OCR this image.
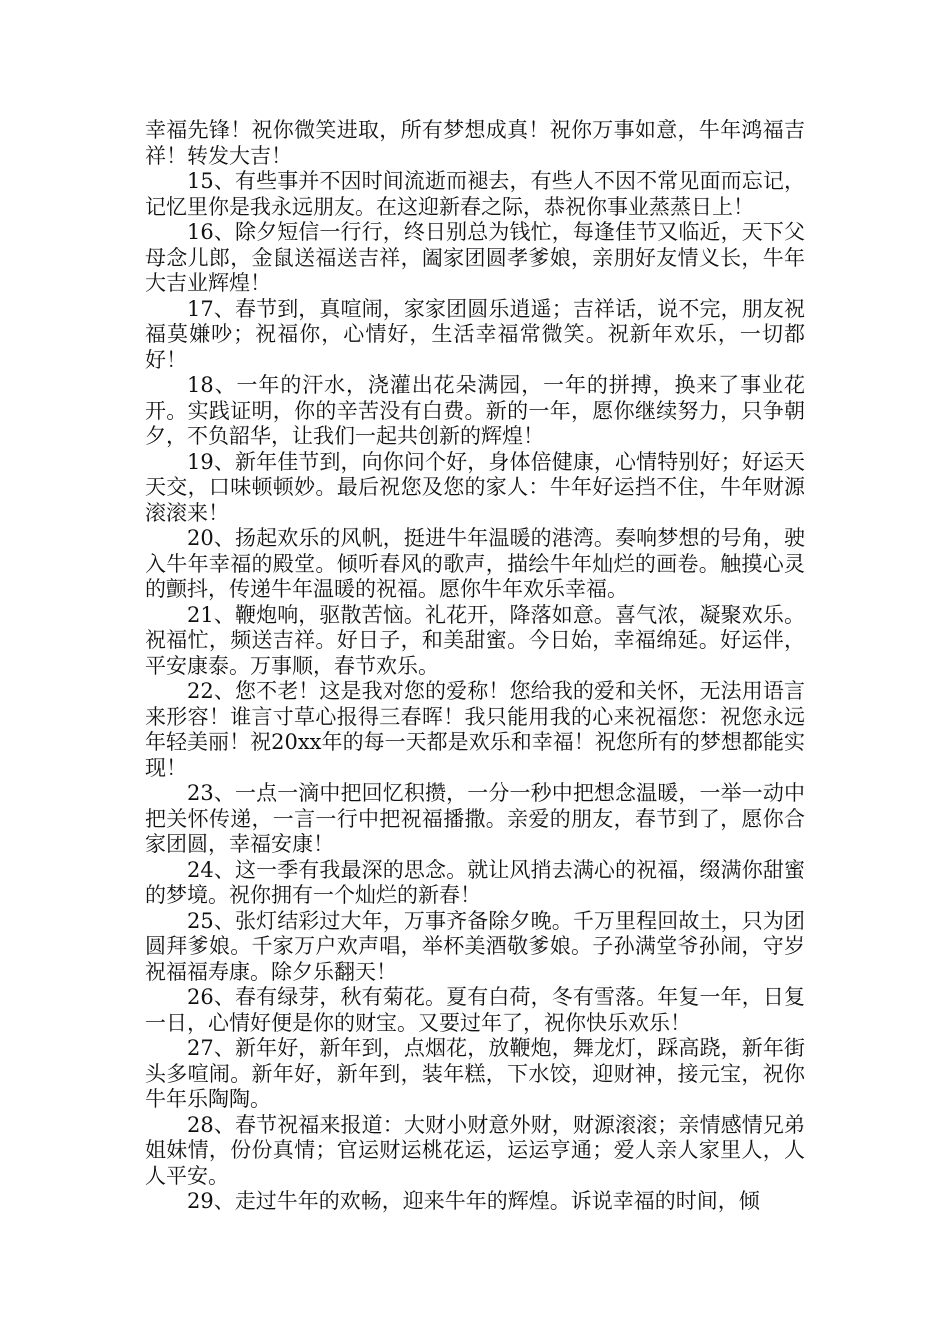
幸福先锋！祝你微笑进取，所有梦想成真！祝你万事如意，牛年鸿福吉祥！转发大吉！

15、有些事并不因时间流逝而褪去，有些人不因不常见面而忘记，记忆里你是我永远朋友。在这迎新春之际，恭祝你事业蒸蒸日上！

16、除夕短信一行行，终日别总为钱忙，每逢佳节又临近，天下父母念儿郎，金鼠送福送吉祥，阖家团圆孝爹娘，亲朋好友情义长，牛年大吉业辉煌！

17、春节到，真喧闹，家家团圆乐逍遥；吉祥话，说不完，朋友祝福莫嫌吵；祝福你，心情好，生活幸福常微笑。祝新年欢乐，一切都好！

18、一年的汗水，浇灌出花朵满园，一年的拼搏，换来了事业花开。实践证明，你的辛苦没有白费。新的一年，愿你继续努力，只争朝夕，不负韶华，让我们一起共创新的辉煌！

19、新年佳节到，向你问个好，身体倍健康，心情特别好；好运天天交，口味顿顿妙。最后祝您及您的家人：牛年好运挡不住，牛年财源滚滚来！

20、扬起欢乐的风帆，挺进牛年温暖的港湾。奏响梦想的号角，驶入牛年幸福的殿堂。倾听春风的歌声，描绘牛年灿烂的画卷。触摸心灵的颤抖，传递牛年温暖的祝福。愿你牛年欢乐幸福。

21、鞭炮响，驱散苦恼。礼花开，降落如意。喜气浓，凝聚欢乐。祝福忙，频送吉祥。好日子，和美甜蜜。今日始，幸福绵延。好运伴，平安康泰。万事顺，春节欢乐。

22、您不老！这是我对您的爱称！您给我的爱和关怀，无法用语言来形容！谁言寸草心报得三春晖！我只能用我的心来祝福您：祝您永远年轻美丽！祝20xx年的每一天都是欢乐和幸福！祝您所有的梦想都能实现！

23、一点一滴中把回忆积攒，一分一秒中把想念温暖，一举一动中把关怀传递，一言一行中把祝福播撒。亲爱的朋友，春节到了，愿你合家团圆，幸福安康！

24、这一季有我最深的思念。就让风捎去满心的祝福，缀满你甜蜜的梦境。祝你拥有一个灿烂的新春！

25、张灯结彩过大年，万事齐备除夕晚。千万里程回故土，只为团圆拜爹娘。千家万户欢声唱，举杯美酒敬爹娘。子孙满堂爷孙闹，守岁祝福福寿康。除夕乐翻天！

26、春有绿芽，秋有菊花。夏有白荷，冬有雪落。年复一年，日复一日，心情好便是你的财宝。又要过年了，祝你快乐欢乐！

27、新年好，新年到，点烟花，放鞭炮，舞龙灯，踩高跷，新年街头多喧闹。新年好，新年到，装年糕，下水饺，迎财神，接元宝，祝你牛年乐陶陶。

28、春节祝福来报道：大财小财意外财，财源滚滚；亲情感情兄弟姐妹情，份份真情；官运财运桃花运，运运亨通；爱人亲人家里人，人人平安。

29、走过牛年的欢畅，迎来牛年的辉煌。诉说幸福的时间，倾
